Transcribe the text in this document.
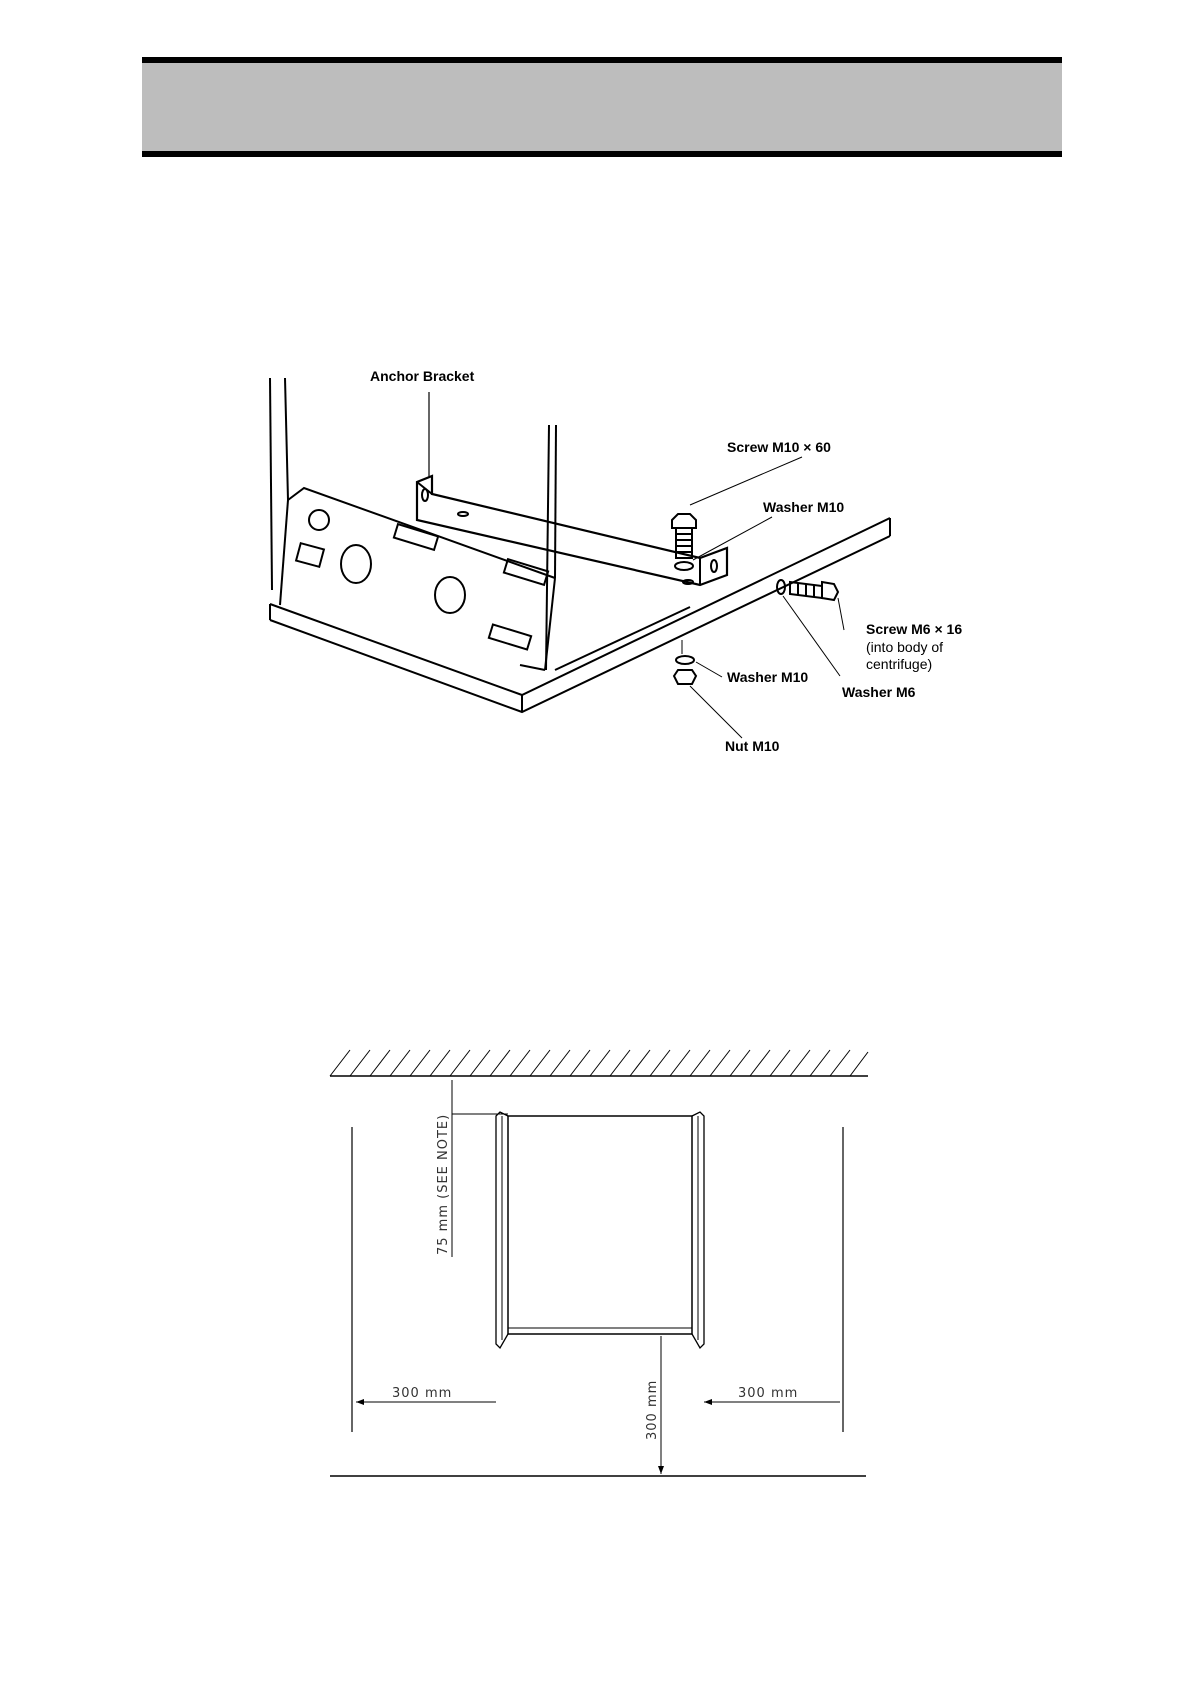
Anchor Bracket
Screw M10 × 60
Washer M10
Screw M6 × 16
(into body of
centrifuge)
Washer M10
Washer M6
Nut M10
75 mm (SEE NOTE)
300 mm	300 mm
300 mm
